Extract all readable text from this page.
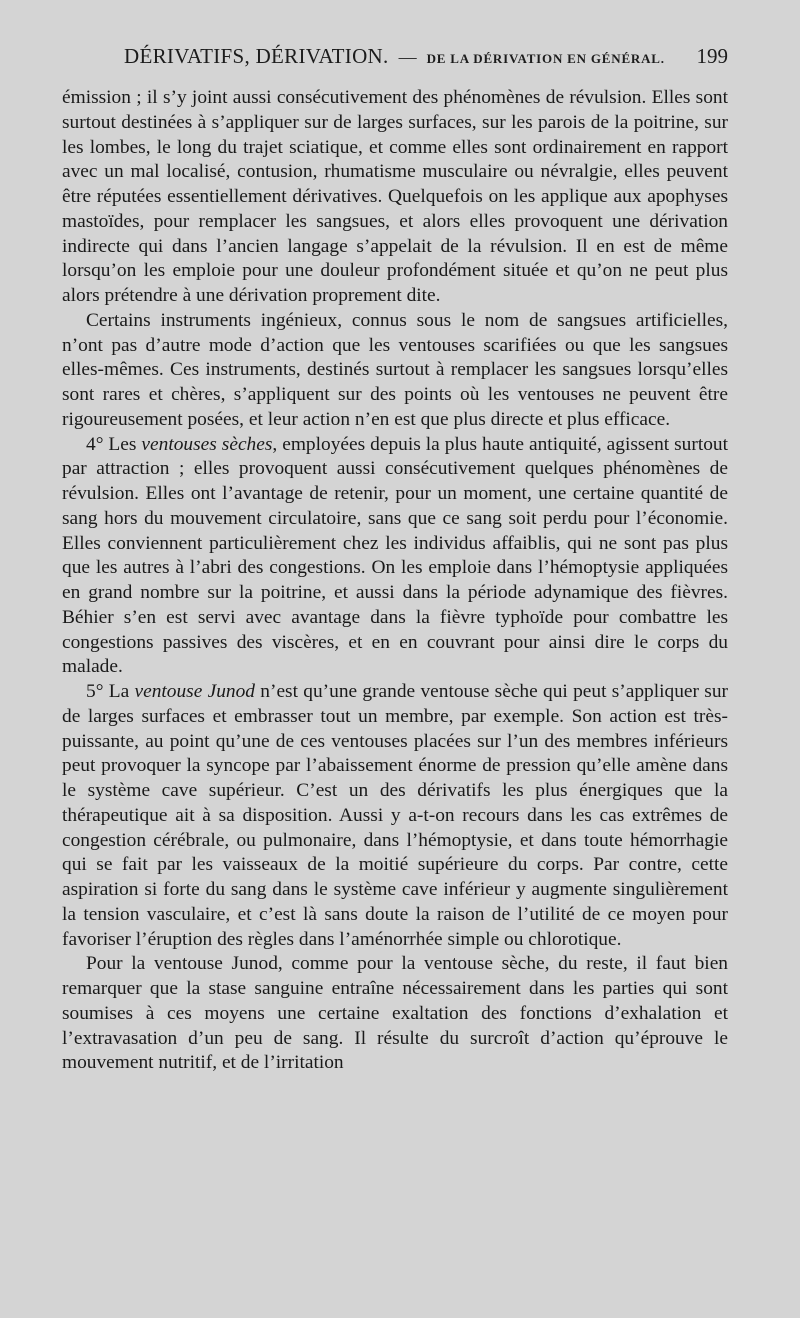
DÉRIVATIFS, DÉRIVATION. — DE LA DÉRIVATION EN GÉNÉRAL. 199

émission ; il s’y joint aussi consécutivement des phénomènes de révulsion. Elles sont surtout destinées à s’appliquer sur de larges surfaces, sur les parois de la poitrine, sur les lombes, le long du trajet sciatique, et comme elles sont ordinairement en rapport avec un mal localisé, contusion, rhumatisme musculaire ou névralgie, elles peuvent être réputées essentiellement dérivatives. Quelquefois on les applique aux apophyses mastoïdes, pour remplacer les sangsues, et alors elles provoquent une dérivation indirecte qui dans l’ancien langage s’appelait de la révulsion. Il en est de même lorsqu’on les emploie pour une douleur profondément située et qu’on ne peut plus alors prétendre à une dérivation proprement dite.

Certains instruments ingénieux, connus sous le nom de sangsues artificielles, n’ont pas d’autre mode d’action que les ventouses scarifiées ou que les sangsues elles-mêmes. Ces instruments, destinés surtout à remplacer les sangsues lorsqu’elles sont rares et chères, s’appliquent sur des points où les ventouses ne peuvent être rigoureusement posées, et leur action n’en est que plus directe et plus efficace.

4° Les ventouses sèches, employées depuis la plus haute antiquité, agissent surtout par attraction ; elles provoquent aussi consécutivement quelques phénomènes de révulsion. Elles ont l’avantage de retenir, pour un moment, une certaine quantité de sang hors du mouvement circulatoire, sans que ce sang soit perdu pour l’économie. Elles conviennent particulièrement chez les individus affaiblis, qui ne sont pas plus que les autres à l’abri des congestions. On les emploie dans l’hémoptysie appliquées en grand nombre sur la poitrine, et aussi dans la période adynamique des fièvres. Béhier s’en est servi avec avantage dans la fièvre typhoïde pour combattre les congestions passives des viscères, et en en couvrant pour ainsi dire le corps du malade.

5° La ventouse Junod n’est qu’une grande ventouse sèche qui peut s’appliquer sur de larges surfaces et embrasser tout un membre, par exemple. Son action est très-puissante, au point qu’une de ces ventouses placées sur l’un des membres inférieurs peut provoquer la syncope par l’abaissement énorme de pression qu’elle amène dans le système cave supérieur. C’est un des dérivatifs les plus énergiques que la thérapeutique ait à sa disposition. Aussi y a-t-on recours dans les cas extrêmes de congestion cérébrale, ou pulmonaire, dans l’hémoptysie, et dans toute hémorrhagie qui se fait par les vaisseaux de la moitié supérieure du corps. Par contre, cette aspiration si forte du sang dans le système cave inférieur y augmente singulièrement la tension vasculaire, et c’est là sans doute la raison de l’utilité de ce moyen pour favoriser l’éruption des règles dans l’aménorrhée simple ou chlorotique.

Pour la ventouse Junod, comme pour la ventouse sèche, du reste, il faut bien remarquer que la stase sanguine entraîne nécessairement dans les parties qui sont soumises à ces moyens une certaine exaltation des fonctions d’exhalation et l’extravasation d’un peu de sang. Il résulte du surcroît d’action qu’éprouve le mouvement nutritif, et de l’irritation
